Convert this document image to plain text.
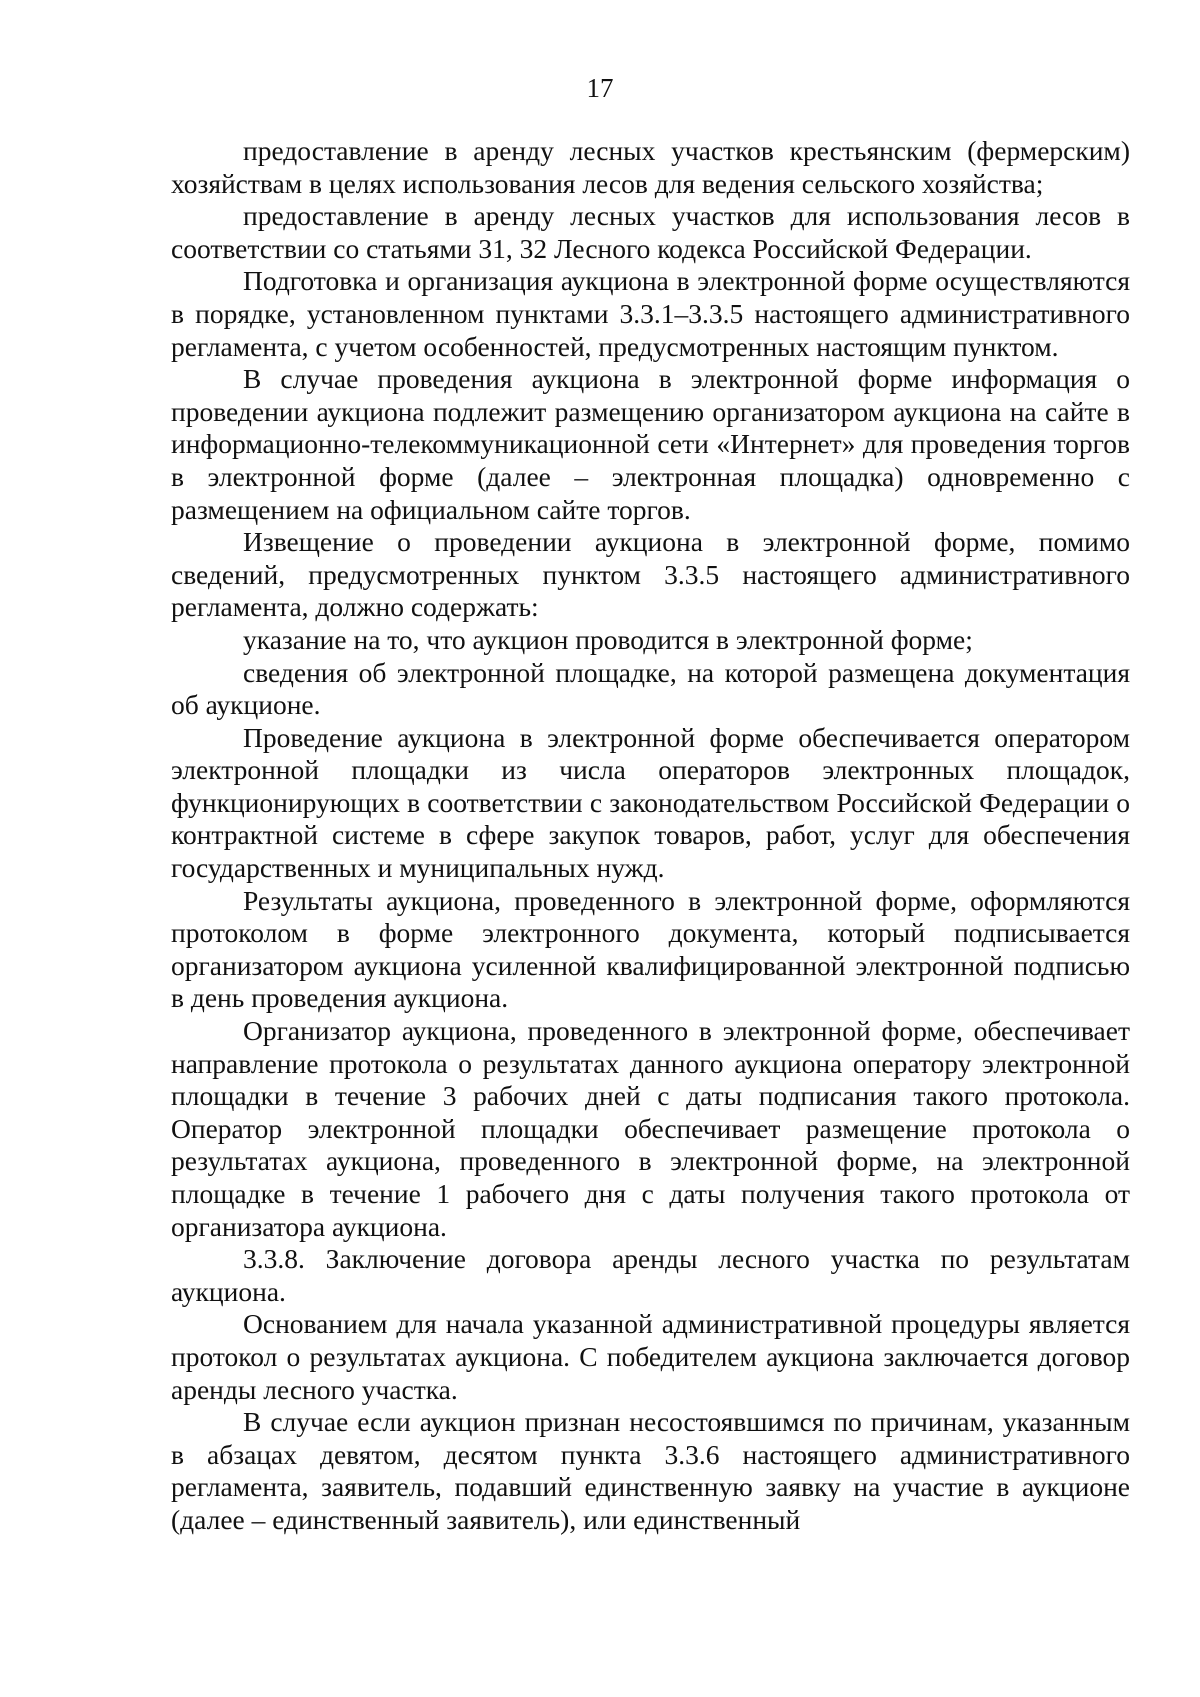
17

предоставление в аренду лесных участков крестьянским (фермерским) хозяйствам в целях использования лесов для ведения сельского хозяйства;

предоставление в аренду лесных участков для использования лесов в соответствии со статьями 31, 32 Лесного кодекса Российской Федерации.

Подготовка и организация аукциона в электронной форме осуществляются в порядке, установленном пунктами 3.3.1–3.3.5 настоящего административного регламента, с учетом особенностей, предусмотренных настоящим пунктом.

В случае проведения аукциона в электронной форме информация о проведении аукциона подлежит размещению организатором аукциона на сайте в информационно-телекоммуникационной сети «Интернет» для проведения торгов в электронной форме (далее – электронная площадка) одновременно с размещением на официальном сайте торгов.

Извещение о проведении аукциона в электронной форме, помимо сведений, предусмотренных пунктом 3.3.5 настоящего административного регламента, должно содержать:

указание на то, что аукцион проводится в электронной форме;

сведения об электронной площадке, на которой размещена документация об аукционе.

Проведение аукциона в электронной форме обеспечивается оператором электронной площадки из числа операторов электронных площадок, функционирующих в соответствии с законодательством Российской Федерации о контрактной системе в сфере закупок товаров, работ, услуг для обеспечения государственных и муниципальных нужд.

Результаты аукциона, проведенного в электронной форме, оформляются протоколом в форме электронного документа, который подписывается организатором аукциона усиленной квалифицированной электронной подписью в день проведения аукциона.

Организатор аукциона, проведенного в электронной форме, обеспечивает направление протокола о результатах данного аукциона оператору электронной площадки в течение 3 рабочих дней с даты подписания такого протокола. Оператор электронной площадки обеспечивает размещение протокола о результатах аукциона, проведенного в электронной форме, на электронной площадке в течение 1 рабочего дня с даты получения такого протокола от организатора аукциона.

3.3.8. Заключение договора аренды лесного участка по результатам аукциона.

Основанием для начала указанной административной процедуры является протокол о результатах аукциона. С победителем аукциона заключается договор аренды лесного участка.

В случае если аукцион признан несостоявшимся по причинам, указанным в абзацах девятом, десятом пункта 3.3.6 настоящего административного регламента, заявитель, подавший единственную заявку на участие в аукционе (далее – единственный заявитель), или единственный
